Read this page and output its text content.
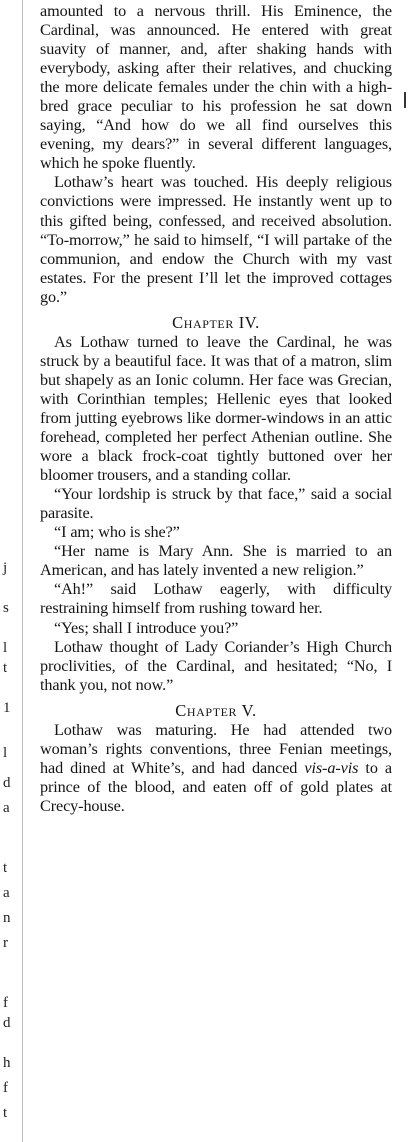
j
s
l
t
1
l
d
a
t
a
n
r
f
d
h
f
t

amounted to a nervous thrill. His Eminence, the Cardinal, was announced. He entered with great suavity of manner, and, after shaking hands with everybody, asking after their relatives, and chucking the more delicate females under the chin with a high-bred grace peculiar to his profession he sat down saying, “And how do we all find ourselves this evening, my dears?” in several different languages, which he spoke fluently.

Lothaw’s heart was touched. His deeply religious convictions were impressed. He instantly went up to this gifted being, confessed, and received absolution. “To-morrow,” he said to himself, “I will partake of the communion, and endow the Church with my vast estates. For the present I’ll let the improved cottages go.”

Chapter IV.

As Lothaw turned to leave the Cardinal, he was struck by a beautiful face. It was that of a matron, slim but shapely as an Ionic column. Her face was Grecian, with Corinthian temples; Hellenic eyes that looked from jutting eyebrows like dormer-windows in an attic forehead, completed her perfect Athenian outline. She wore a black frock-coat tightly buttoned over her bloomer trousers, and a standing collar.

“Your lordship is struck by that face,” said a social parasite.

“I am; who is she?”

“Her name is Mary Ann. She is married to an American, and has lately invented a new religion.”

“Ah!” said Lothaw eagerly, with difficulty restraining himself from rushing toward her.

“Yes; shall I introduce you?”

Lothaw thought of Lady Coriander’s High Church proclivities, of the Cardinal, and hesitated; “No, I thank you, not now.”

Chapter V.

Lothaw was maturing. He had attended two woman’s rights conventions, three Fenian meetings, had dined at White’s, and had danced vis-a-vis to a prince of the blood, and eaten off of gold plates at Crecy-house.
